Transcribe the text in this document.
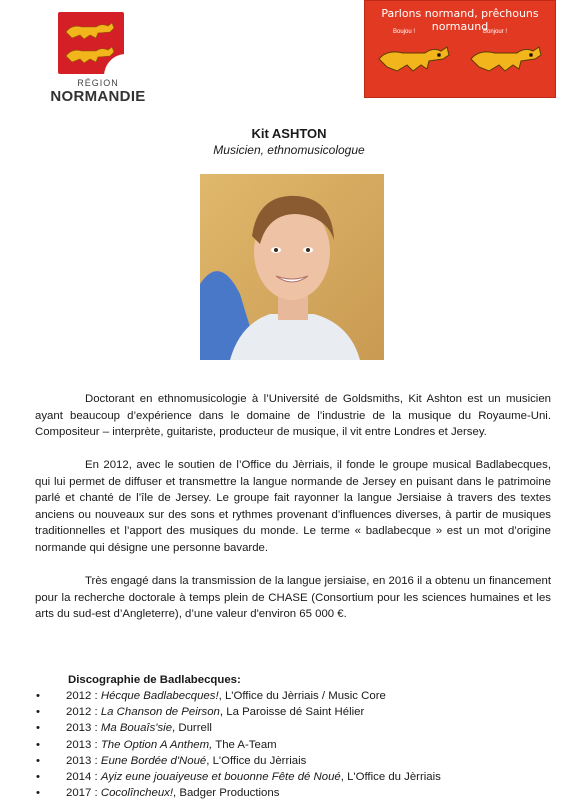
RÉGION
NORMANDIE
Parlons normand, prêchouns normaund
Boujou !	Bonjour !
Kit ASHTON
Musicien, ethnomusicologue

Doctorant en ethnomusicologie à l’Université de Goldsmiths, Kit Ashton est un musicien ayant beaucoup d’expérience dans le domaine de l’industrie de la musique du Royaume-Uni. Compositeur – interprète, guitariste, producteur de musique, il vit entre Londres et Jersey.

En 2012, avec le soutien de l’Office du Jèrriais, il fonde le groupe musical Badlabecques, qui lui permet de diffuser et transmettre la langue normande de Jersey en puisant dans le patrimoine parlé et chanté de l’île de Jersey. Le groupe fait rayonner la langue Jersiaise à travers des textes anciens ou nouveaux sur des sons et rythmes provenant d’influences diverses, à partir de musiques traditionnelles et l’apport des musiques du monde. Le terme « badlabecque » est un mot d’origine normande qui désigne une personne bavarde.

Très engagé dans la transmission de la langue jersiaise, en 2016 il a obtenu un financement pour la recherche doctorale à temps plein de CHASE (Consortium pour les sciences humaines et les arts du sud-est d’Angleterre), d’une valeur d'environ 65 000 €.

Discographie de Badlabecques:
• 2012 : Hécque Badlabecques!, L'Office du Jèrriais / Music Core
• 2012 : La Chanson de Peirson, La Paroisse dé Saint Hélier
• 2013 : Ma Bouaîs'sie, Durrell
• 2013 : The Option A Anthem, The A-Team
• 2013 : Eune Bordée d'Noué, L'Office du Jèrriais
• 2014 : Ayiz eune jouaiyeuse et bouonne Fête dé Noué, L'Office du Jèrriais
• 2017 : Cocolîncheux!, Badger Productions
